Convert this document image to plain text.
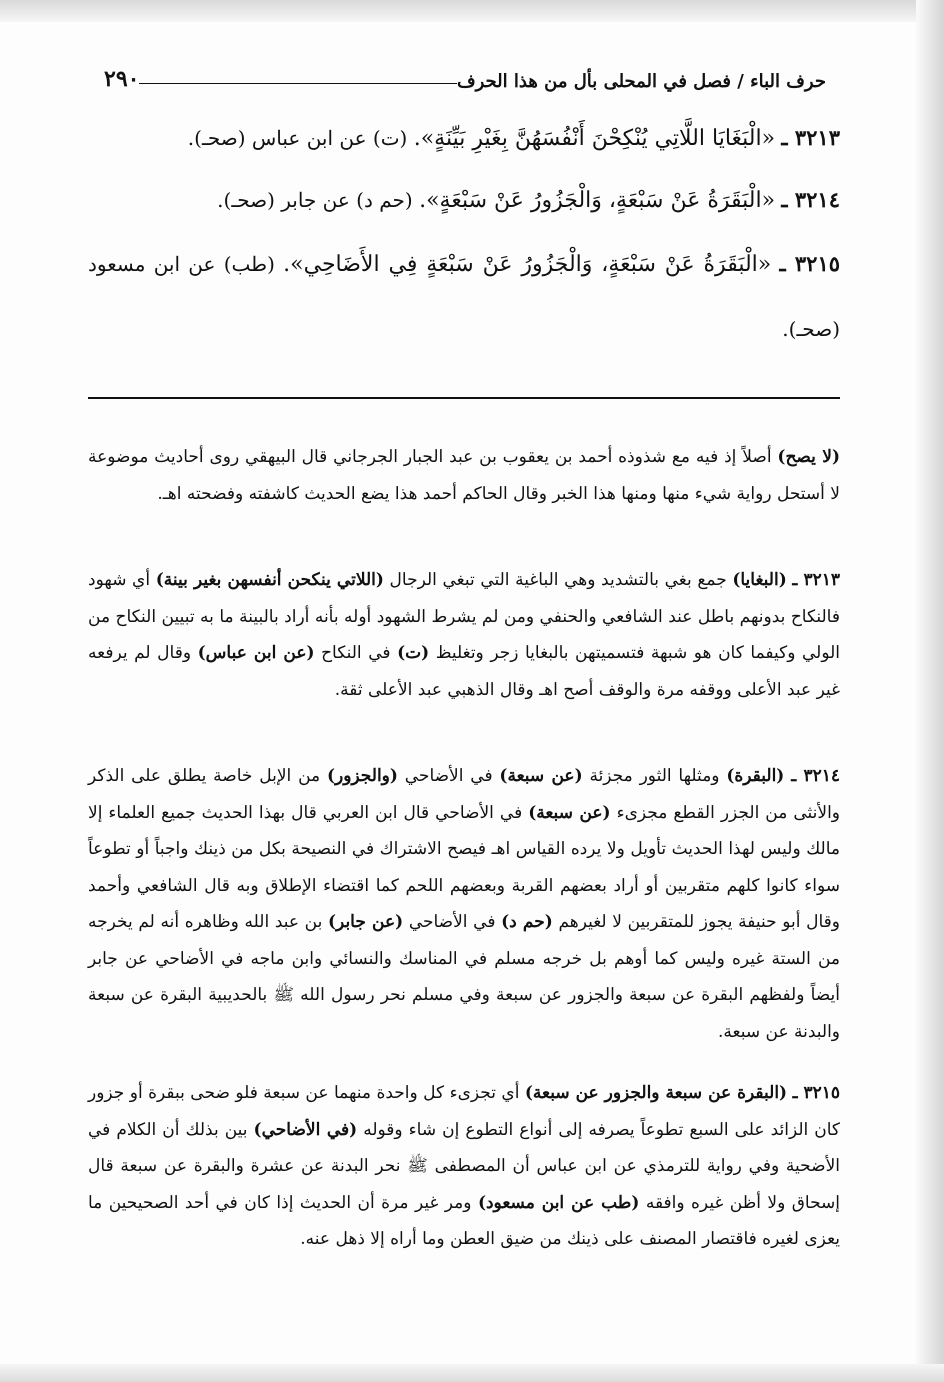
حرف الباء / فصل في المحلى بأل من هذا الحرف
٢٩٠
٣٢١٣ ـ «الْبَغَايَا اللَّاتِي يُنْكِحْنَ أَنْفُسَهُنَّ بِغَيْرِ بَيِّنَةٍ». (ت) عن ابن عباس (صحـ).
٣٢١٤ ـ «الْبَقَرَةُ عَنْ سَبْعَةٍ، وَالْجَزُورُ عَنْ سَبْعَةٍ». (حم د) عن جابر (صحـ).
٣٢١٥ ـ «الْبَقَرَةُ عَنْ سَبْعَةٍ، وَالْجَزُورُ عَنْ سَبْعَةٍ فِي الأَضَاحِي». (طب) عن ابن مسعود (صحـ).
(لا يصح) أصلاً إذ فيه مع شذوذه أحمد بن يعقوب بن عبد الجبار الجرجاني قال البيهقي روى أحاديث موضوعة لا أستحل رواية شيء منها ومنها هذا الخبر وقال الحاكم أحمد هذا يضع الحديث كاشفته وفضحته اهـ.
٣٢١٣ ـ (البغايا) جمع بغي بالتشديد وهي الباغية التي تبغي الرجال (اللاتي ينكحن أنفسهن بغير بينة) أي شهود فالنكاح بدونهم باطل عند الشافعي والحنفي ومن لم يشرط الشهود أوله بأنه أراد بالبينة ما به تبيين النكاح من الولي وكيفما كان هو شبهة فتسميتهن بالبغايا زجر وتغليظ (ت) في النكاح (عن ابن عباس) وقال لم يرفعه غير عبد الأعلى ووقفه مرة والوقف أصح اهـ وقال الذهبي عبد الأعلى ثقة.
٣٢١٤ ـ (البقرة) ومثلها الثور مجزئة (عن سبعة) في الأضاحي (والجزور) من الإبل خاصة يطلق على الذكر والأنثى من الجزر القطع مجزىء (عن سبعة) في الأضاحي قال ابن العربي قال بهذا الحديث جميع العلماء إلا مالك وليس لهذا الحديث تأويل ولا يرده القياس اهـ فيصح الاشتراك في النصيحة بكل من ذينك واجباً أو تطوعاً سواء كانوا كلهم متقربين أو أراد بعضهم القربة وبعضهم اللحم كما اقتضاء الإطلاق وبه قال الشافعي وأحمد وقال أبو حنيفة يجوز للمتقربين لا لغيرهم (حم د) في الأضاحي (عن جابر) بن عبد الله وظاهره أنه لم يخرجه من الستة غيره وليس كما أوهم بل خرجه مسلم في المناسك والنسائي وابن ماجه في الأضاحي عن جابر أيضاً ولفظهم البقرة عن سبعة والجزور عن سبعة وفي مسلم نحر رسول الله ﷺ بالحديبية البقرة عن سبعة والبدنة عن سبعة.
٣٢١٥ ـ (البقرة عن سبعة والجزور عن سبعة) أي تجزىء كل واحدة منهما عن سبعة فلو ضحى ببقرة أو جزور كان الزائد على السبع تطوعاً يصرفه إلى أنواع التطوع إن شاء وقوله (في الأضاحي) بين بذلك أن الكلام في الأضحية وفي رواية للترمذي عن ابن عباس أن المصطفى ﷺ نحر البدنة عن عشرة والبقرة عن سبعة قال إسحاق ولا أظن غيره وافقه (طب عن ابن مسعود) ومر غير مرة أن الحديث إذا كان في أحد الصحيحين ما يعزى لغيره فاقتصار المصنف على ذينك من ضيق العطن وما أراه إلا ذهل عنه.
